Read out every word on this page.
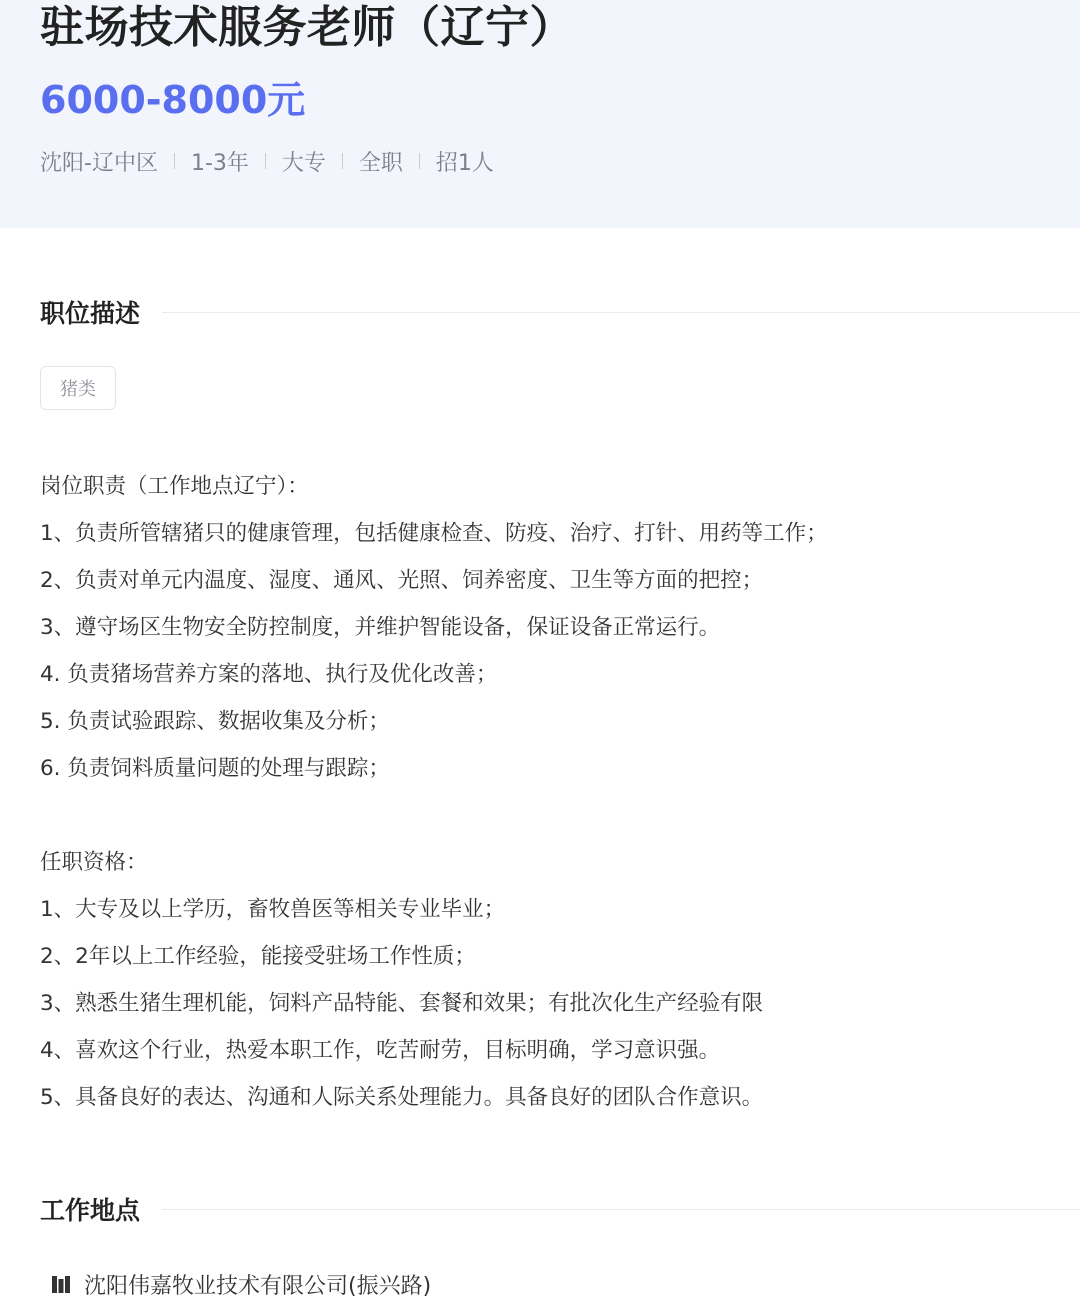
驻场技术服务老师（辽宁）
6000-8000元
沈阳-辽中区 1-3年 大专 全职 招1人
职位描述
猪类
岗位职责（工作地点辽宁）：
1、负责所管辖猪只的健康管理，包括健康检查、防疫、治疗、打针、用药等工作；
2、负责对单元内温度、湿度、通风、光照、饲养密度、卫生等方面的把控；
3、遵守场区生物安全防控制度，并维护智能设备，保证设备正常运行。
4. 负责猪场营养方案的落地、执行及优化改善；
5. 负责试验跟踪、数据收集及分析；
6. 负责饲料质量问题的处理与跟踪；
任职资格：
1、大专及以上学历，畜牧兽医等相关专业毕业；
2、2年以上工作经验，能接受驻场工作性质；
3、熟悉生猪生理机能，饲料产品特能、套餐和效果；有批次化生产经验有限
4、喜欢这个行业，热爱本职工作，吃苦耐劳，目标明确，学习意识强。
5、具备良好的表达、沟通和人际关系处理能力。具备良好的团队合作意识。
工作地点
沈阳伟嘉牧业技术有限公司(振兴路)
